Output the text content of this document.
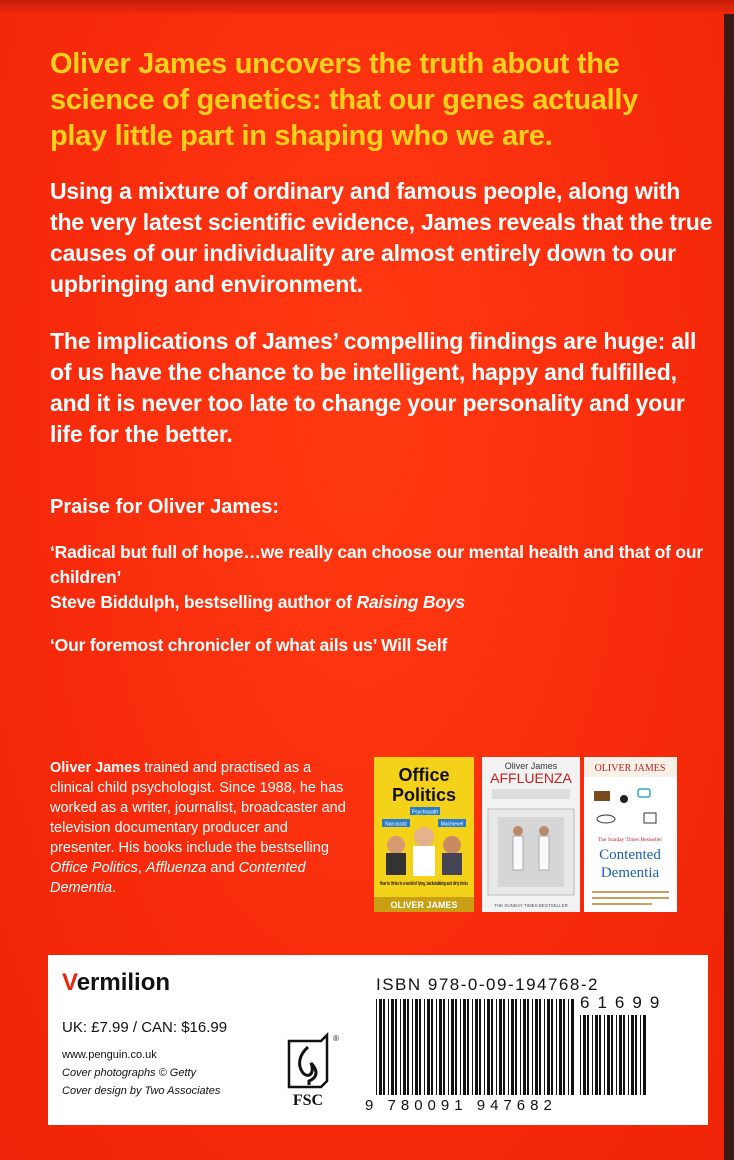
Oliver James uncovers the truth about the science of genetics: that our genes actually play little part in shaping who we are.

Using a mixture of ordinary and famous people, along with the very latest scientific evidence, James reveals that the true causes of our individuality are almost entirely down to our upbringing and environment.

The implications of James’ compelling findings are huge: all of us have the chance to be intelligent, happy and fulfilled, and it is never too late to change your personality and your life for the better.

Praise for Oliver James:

‘Radical but full of hope…we really can choose our mental health and that of our children’
Steve Biddulph, bestselling author of Raising Boys

‘Our foremost chronicler of what ails us’ Will Self

Oliver James trained and practised as a clinical child psychologist. Since 1988, he has worked as a writer, journalist, broadcaster and television documentary producer and presenter. His books include the bestselling Office Politics, Affluenza and Contented Dementia.

Office
Politics
Psychopath
Narcissist	Machievel
How to thrive in a world of lying, backstabbing and dirty tricks
OLIVER JAMES
Oliver James
AFFLUENZA
THE SUNDAY TIMES BESTSELLER
OLIVER JAMES
The Sunday Times Bestseller
Contented
Dementia
Vermilion
UK: £7.99 / CAN: $16.99
www.penguin.co.uk
Cover photographs © Getty
Cover design by Two Associates
®
FSC
ISBN 978-0-09-194768-2
61699
9 780091 947682
